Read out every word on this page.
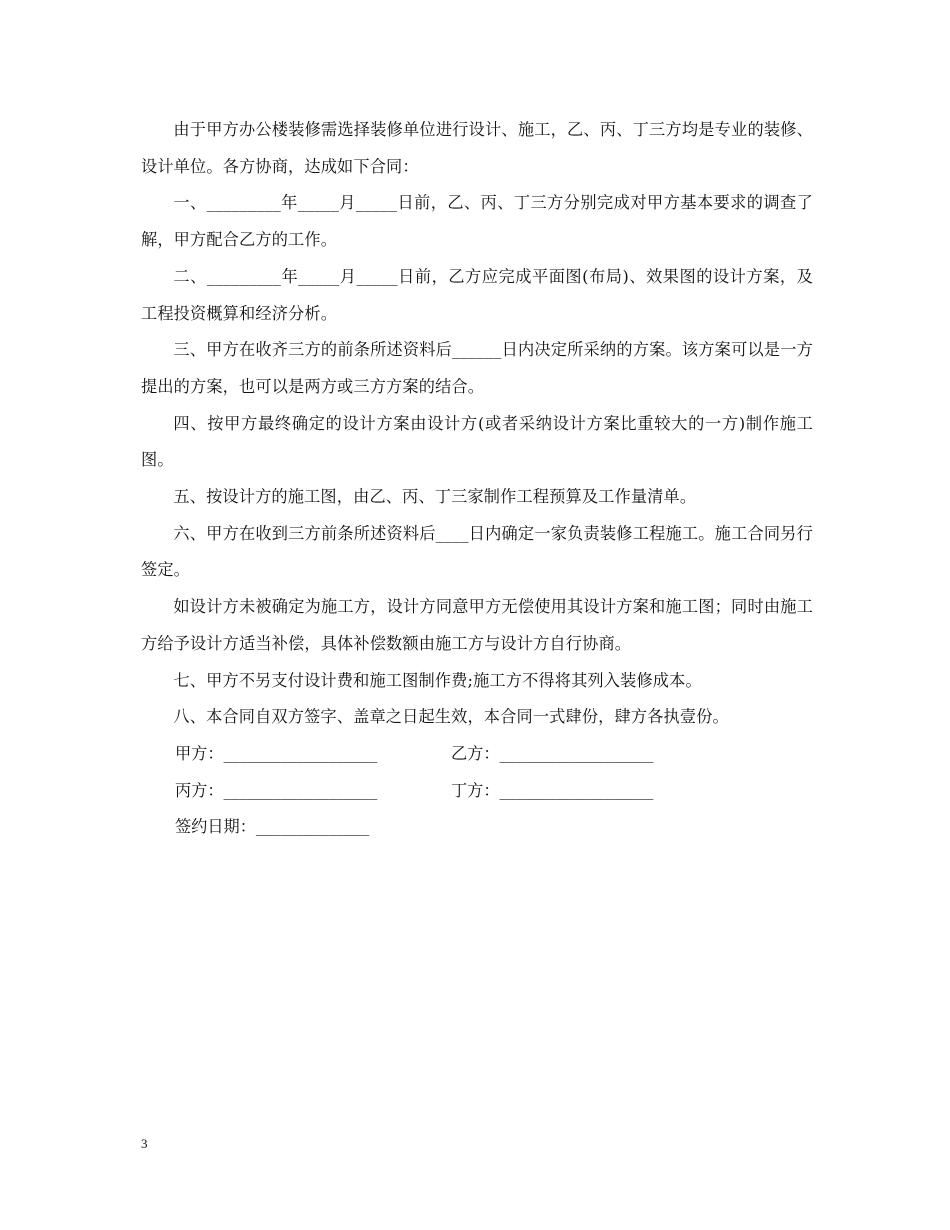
由于甲方办公楼装修需选择装修单位进行设计、施工，乙、丙、丁三方均是专业的装修、设计单位。各方协商，达成如下合同：

一、_________年_____月_____日前，乙、丙、丁三方分别完成对甲方基本要求的调查了解，甲方配合乙方的工作。

二、_________年_____月_____日前，乙方应完成平面图(布局)、效果图的设计方案，及工程投资概算和经济分析。

三、甲方在收齐三方的前条所述资料后______日内决定所采纳的方案。该方案可以是一方提出的方案，也可以是两方或三方方案的结合。

四、按甲方最终确定的设计方案由设计方(或者采纳设计方案比重较大的一方)制作施工图。

五、按设计方的施工图，由乙、丙、丁三家制作工程预算及工作量清单。

六、甲方在收到三方前条所述资料后____日内确定一家负责装修工程施工。施工合同另行签定。

如设计方未被确定为施工方，设计方同意甲方无偿使用其设计方案和施工图；同时由施工方给予设计方适当补偿，具体补偿数额由施工方与设计方自行协商。

七、甲方不另支付设计费和施工图制作费;施工方不得将其列入装修成本。

八、本合同自双方签字、盖章之日起生效，本合同一式肆份，肆方各执壹份。

甲方：___________________	乙方：___________________
丙方：___________________	丁方：___________________
签约日期：______________
3
